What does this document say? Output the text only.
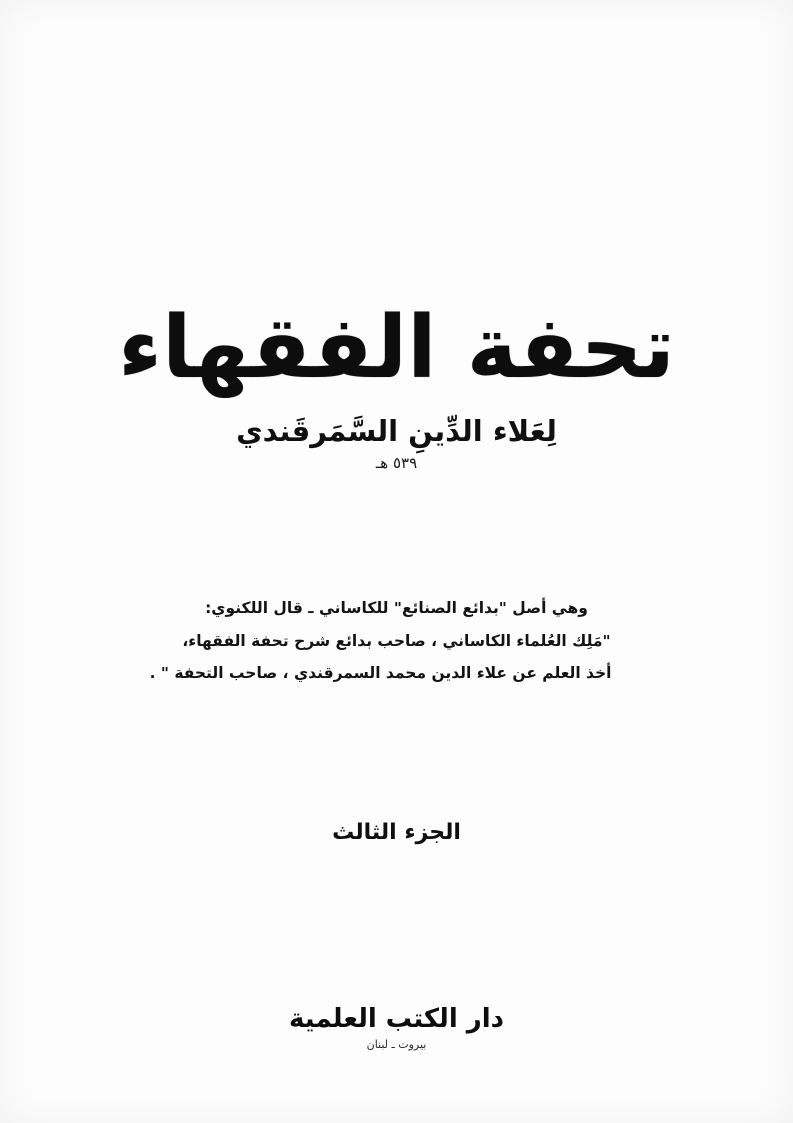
تحفة الفقهاء
لِعَلاء الدِّينِ السَّمَرقَندي
٥٣٩ هـ
وهي أصل "بدائع الصنائع" للكاساني ـ قال اللكنوي:
"مَلِك العُلماء الكاساني ، صاحب بدائع شرح تحفة الفقهاء،
أخذ العلم عن علاء الدين محمد السمرقندي ، صاحب التحفة " .
الجزء الثالث
دار الكتب العلمية
بيروت ـ لبنان
